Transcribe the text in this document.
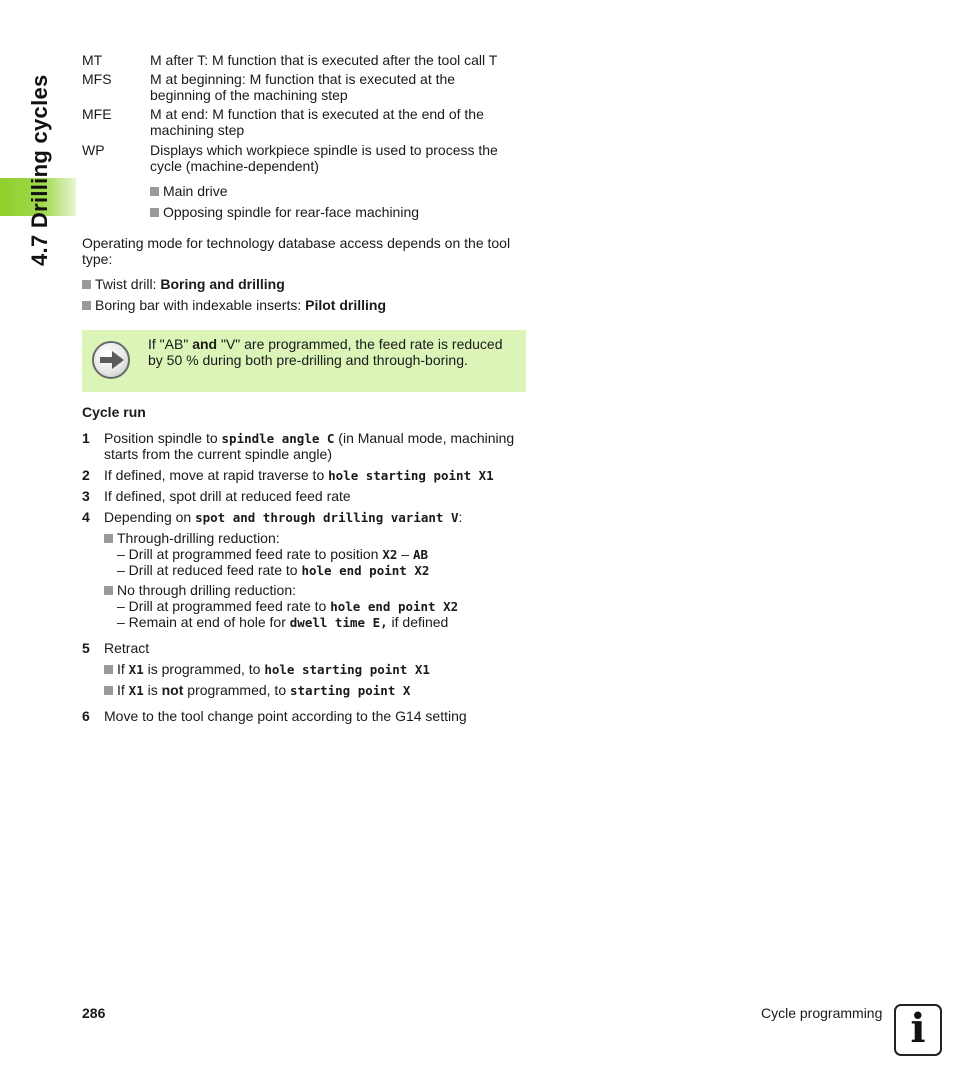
4.7 Drilling cycles
MT	M after T: M function that is executed after the tool call T
MFS	M at beginning: M function that is executed at the
beginning of the machining step
MFE	M at end: M function that is executed at the end of the
machining step
WP	Displays which workpiece spindle is used to process the
cycle (machine-dependent)
Main drive
Opposing spindle for rear-face machining
Operating mode for technology database access depends on the tool
type:
Twist drill: Boring and drilling
Boring bar with indexable inserts: Pilot drilling
If "AB" and "V" are programmed, the feed rate is reduced
by 50 % during both pre-drilling and through-boring.
Cycle run
1 Position spindle to spindle angle C (in Manual mode, machining
starts from the current spindle angle)
2 If defined, move at rapid traverse to hole starting point X1
3 If defined, spot drill at reduced feed rate
4 Depending on spot and through drilling variant V:
Through-drilling reduction:
– Drill at programmed feed rate to position X2 – AB
– Drill at reduced feed rate to hole end point X2
No through drilling reduction:
– Drill at programmed feed rate to hole end point X2
– Remain at end of hole for dwell time E, if defined
5 Retract
If X1 is programmed, to hole starting point X1
If X1 is not programmed, to starting point X
6 Move to the tool change point according to the G14 setting
286	Cycle programming i
